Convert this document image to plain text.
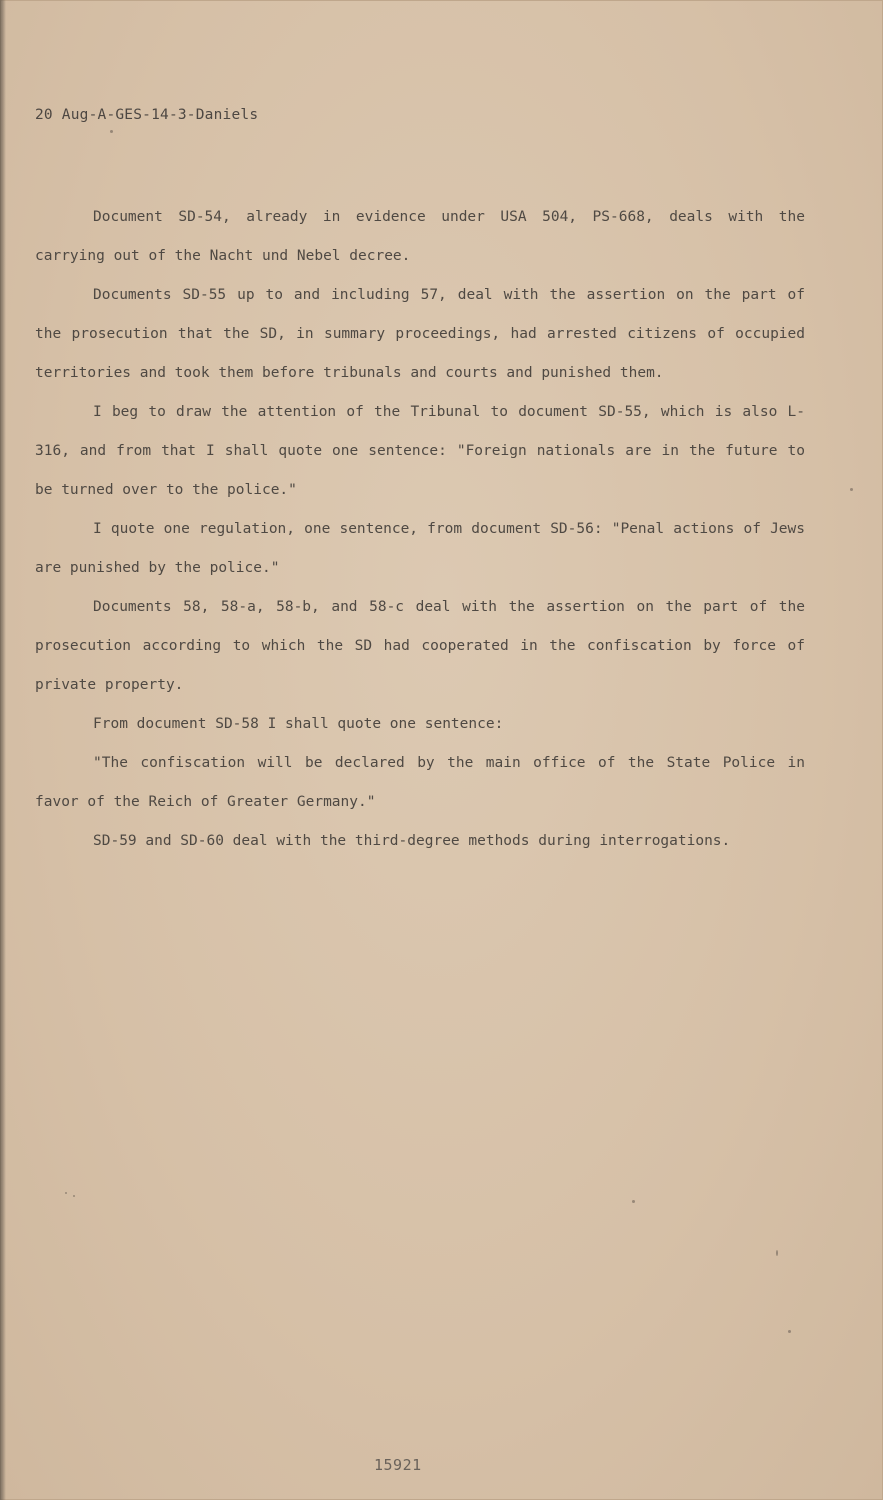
20 Aug-A-GES-14-3-Daniels

Document SD-54, already in evidence under USA 504, PS-668, deals with the carrying out of the Nacht und Nebel decree.

Documents SD-55 up to and including 57, deal with the assertion on the part of the prosecution that the SD, in summary proceedings, had arrested citizens of occupied territories and took them before tribunals and courts and punished them.

I beg to draw the attention of the Tribunal to document SD-55, which is also L-316, and from that I shall quote one sentence: "Foreign nationals are in the future to be turned over to the police."

I quote one regulation, one sentence, from document SD-56: "Penal actions of Jews are punished by the police."

Documents 58, 58-a, 58-b, and 58-c deal with the assertion on the part of the prosecution according to which the SD had cooperated in the confiscation by force of private property.

From document SD-58 I shall quote one sentence:

"The confiscation will be declared by the main office of the State Police in favor of the Reich of Greater Germany."

SD-59 and SD-60 deal with the third-degree methods during interrogations.

15921
